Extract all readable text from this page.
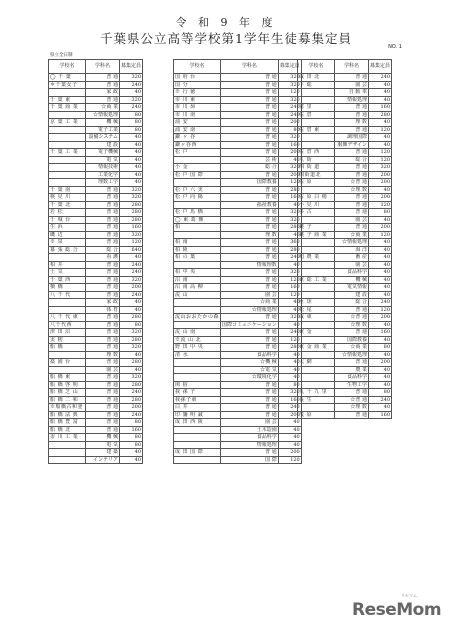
令 和 9 年 度
千葉県公立高等学校第1学年生徒募集定員
NO. 1
県立全日制
学校名	学科名	募集定員
◯ 千 葉	普 通	320
＊千葉女子	普 通	240
	家 政	40
千 葉 東	普 通	320
千 葉 商 業	☆商 業	240
	☆情報処理	80
京 葉 工 業	機 械	80
	電子工業	80
	設備システム	40
	建 設	40
千 葉 工 業	電子機械	40
	電 気	40
	情報技術	40
	工業化学	40
	理数工学	40
千 葉 南	普 通	320
検 見 川	普 通	320
千 葉 北	普 通	280
若 松	普 通	280
千 城 台	普 通	280
生 浜	普 通	160
磯 辺	普 通	320
※ 泉	普 通	120
幕 張 総 合	総 合	640
	看 護	40
柏 井	普 通	240
土 気	普 通	240
千 葉 西	普 通	320
犢 橋	普 通	200
八 千 代	普 通	240
	家 政	40
	体 育	40
八 千 代 東	普 通	280
八千代西	普 通	80
津 田 沼	普 通	320
実 籾	普 通	280
船 橋	普 通	320
	理 数	40
薬 園 台	普 通	280
	園 芸	40
船 橋 東	普 通	320
船 橋 啓 明	普 通	280
船 橋 芝 山	普 通	240
船 橋 二 和	普 通	280
※船橋古和釜	普 通	200
船 橋 法 典	普 通	240
船 橋 豊 富	普 通	80
船 橋 北	普 通	160
市 川 工 業	機 械	80
	電 気	80
	建 築	40
	インテリア	40
学校名	学科名	募集定員
国 府 台	普 通	320
国 分	普 通	320
※ 行 徳	普 通	120
市 川 東	普 通	320
市 川 昴	普 通	240
市 川 南	普 通	240
浦 安	普 通	200
浦 安 南	普 通	80
鎌 ヶ 谷	普 通	320
鎌ヶ谷西	普 通	160
松 戸	普 通	200
	芸 術	40
小 金	総 合	320
松 戸 国 際	普 通	200
	国際教養	120
松 戸 六 実	普 通	280
松 戸 向 陽	普 通	160
	福祉教養	40
松 戸 馬 橋	普 通	320
◯ 東 葛 飾	普 通	320
柏	普 通	280
	理 数	40
柏 南	普 通	360
柏 陵	普 通	280
柏 の 葉	普 通	240
	情報理数	40
柏 中 央	普 通	320
沼 南	普 通	120
沼 南 高 柳	普 通	160
流 山	園 芸	120
	☆商 業	40
	☆情報処理	40
流山おおたかの森	普 通	320
	国際コミュニケーション	40
流 山 南	普 通	240
※流 山 北	普 通	120
野 田 中 央	普 通	280
清 水	食品科学	40
	☆機 械	40
	☆電 気	40
	☆環境化学	40
関 宿	普 通	80
我 孫 子	普 通	320
我孫子東	普 通	160
白 井	普 通	240
印 旛 明 誠	普 通	200
成 田 西 陵	園 芸	40
	土木造園	40
	食品科学	40
	情報処理	40
成 田 国 際	普 通	200
	国 際	120
学校名	学科名	募集定員
成 田 北	普 通	240
下 総	園 芸	40
	自 動 車	40
	情報処理	40
富 里	普 通	160
佐 倉	普 通	280
	理 数	40
佐 倉 東	普 通	120
	調理国際	40
	服飾デザイン	40
佐 倉 西	普 通	120
八 街	総 合	120
四 街 道	普 通	320
四街道北	普 通	200
佐 原	☆普 通	200
	☆理 数	40
佐 原 白 楊	普 通	200
小 見 川	普 通	120
多 古	普 通	80
	園 芸	40
銚 子	普 通	200
銚 子 商 業	☆商 業	120
	☆情報処理	40
	海 洋	40
旭 農 業	畜 産	40
	園 芸	40
	食品科学	40
東 総 工 業	機 械	40
	電気情報	40
	建 設	40
匝 瑳	総 合	240
松 尾	普 通	120
成 東	☆普 通	200
	☆理 数	40
東 金	普 通	160
	国際教養	40
東 金 商 業	☆商 業	80
	☆情報処理	40
大 網	普 通	200
	農 業	40
	食品科学	40
	生物工学	40
九 十 九 里	普 通	80
長 生	☆普 通	240
	☆理 数	40
茂 原	普 通	160
リセマム
ReseMom
